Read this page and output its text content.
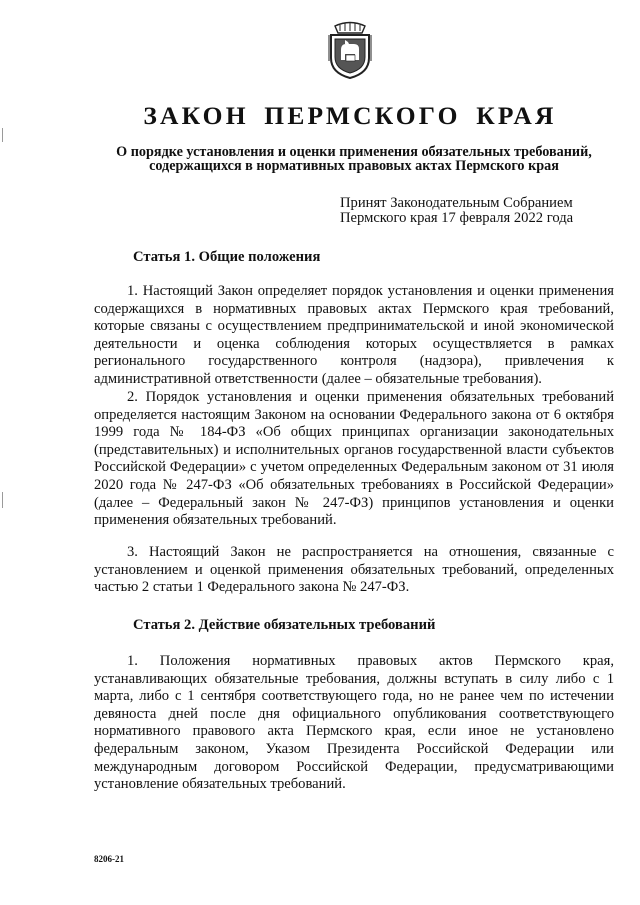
ЗАКОН ПЕРМСКОГО КРАЯ
О порядке установления и оценки применения обязательных требований,
содержащихся в нормативных правовых актах Пермского края
Принят Законодательным Собранием
Пермского края 17 февраля 2022 года
Статья 1. Общие положения

1. Настоящий Закон определяет порядок установления и оценки применения содержащихся в нормативных правовых актах Пермского края требований, которые связаны с осуществлением предпринимательской и иной экономической деятельности и оценка соблюдения которых осуществляется в рамках регионального государственного контроля (надзора), привлечения к административной ответственности (далее – обязательные требования).

2. Порядок установления и оценки применения обязательных требований определяется настоящим Законом на основании Федерального закона от 6 октября 1999 года № 184-ФЗ «Об общих принципах организации законодательных (представительных) и исполнительных органов государственной власти субъектов Российской Федерации» с учетом определенных Федеральным законом от 31 июля 2020 года № 247-ФЗ «Об обязательных требованиях в Российской Федерации» (далее – Федеральный закон № 247-ФЗ) принципов установления и оценки применения обязательных требований.

3. Настоящий Закон не распространяется на отношения, связанные с установлением и оценкой применения обязательных требований, определенных частью 2 статьи 1 Федерального закона № 247-ФЗ.

Статья 2. Действие обязательных требований

1. Положения нормативных правовых актов Пермского края, устанавливающих обязательные требования, должны вступать в силу либо с 1 марта, либо с 1 сентября соответствующего года, но не ранее чем по истечении девяноста дней после дня официального опубликования соответствующего нормативного правового акта Пермского края, если иное не установлено федеральным законом, Указом Президента Российской Федерации или международным договором Российской Федерации, предусматривающими установление обязательных требований.

8206-21
